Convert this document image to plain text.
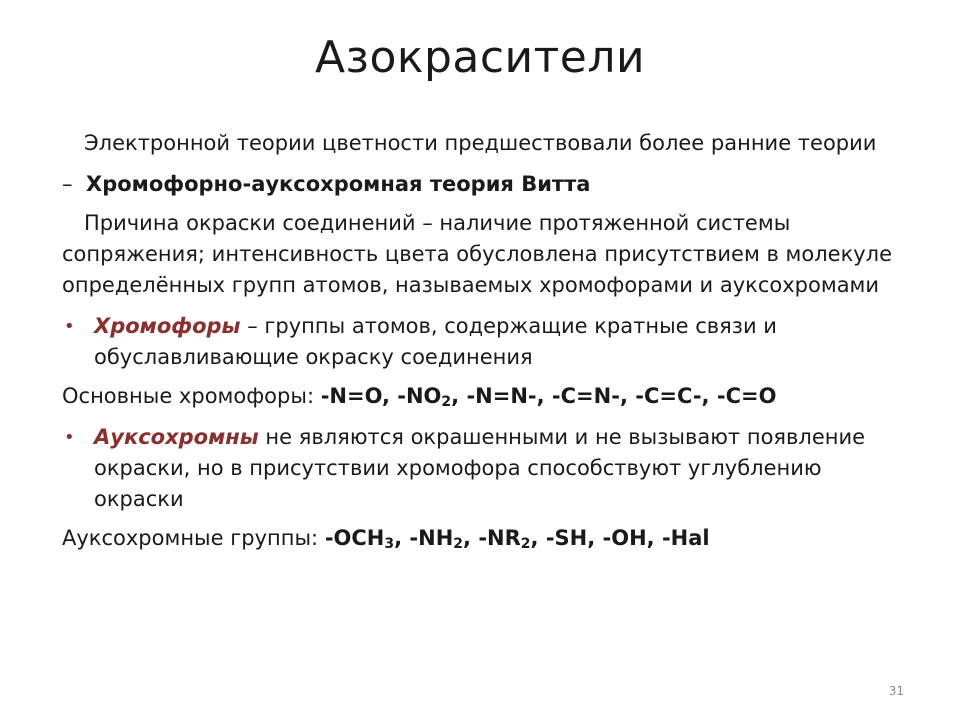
Азокрасители

Электронной теории цветности предшествовали более ранние теории

– Хромофорно-ауксохромная теория Витта

Причина окраски соединений – наличие протяженной системы сопряжения; интенсивность цвета обусловлена присутствием в молекуле определённых групп атомов, называемых хромофорами и ауксохромами

• Хромофоры – группы атомов, содержащие кратные связи и обуславливающие окраску соединения

Основные хромофоры: -N=O, $-NO_2$, -N=N-, -C=N-, -C=C-, -C=O

• Ауксохромны не являются окрашенными и не вызывают появление окраски, но в присутствии хромофора способствуют углублению окраски

Ауксохромные группы: $-OCH_3$, $-NH_2$, $-NR_2$, -SH, -OH, -Hal

31
